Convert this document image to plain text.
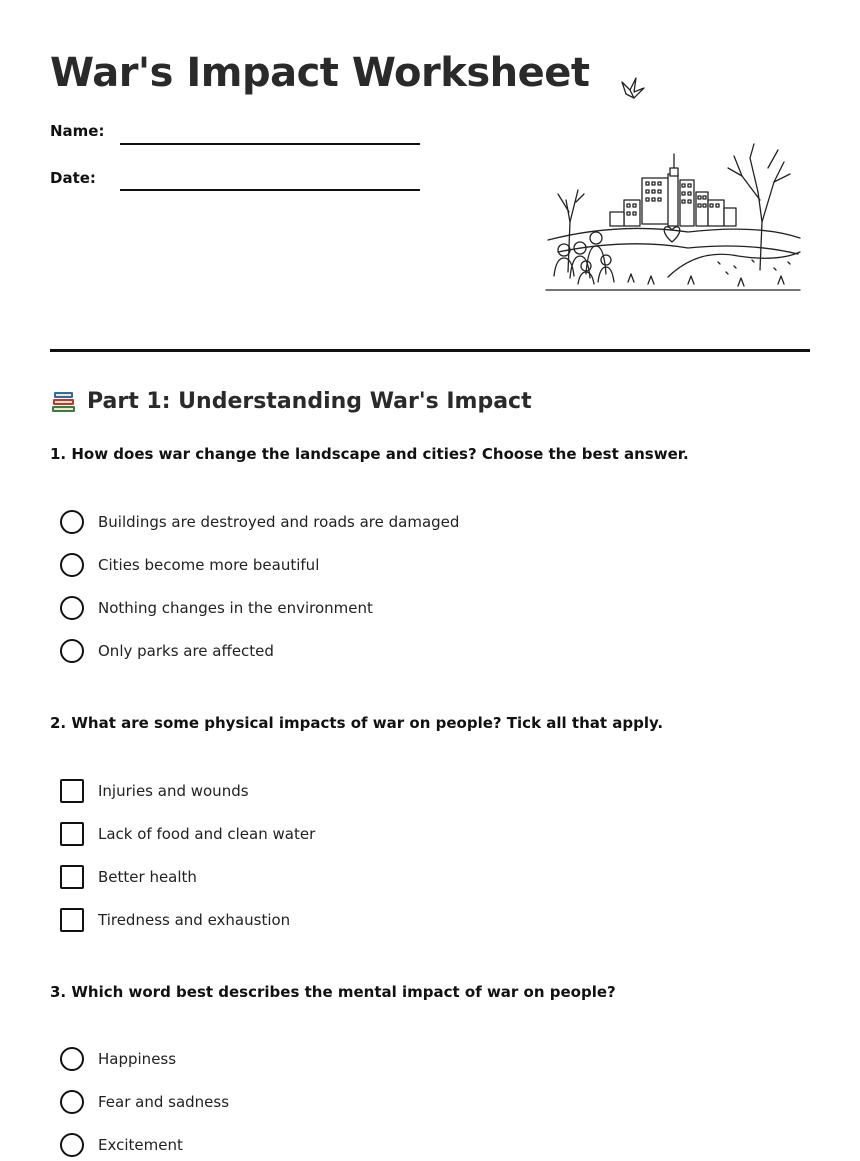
War's Impact Worksheet
Name:
Date:
Part 1: Understanding War's Impact
1. How does war change the landscape and cities? Choose the best answer.
Buildings are destroyed and roads are damaged
Cities become more beautiful
Nothing changes in the environment
Only parks are affected
2. What are some physical impacts of war on people? Tick all that apply.
Injuries and wounds
Lack of food and clean water
Better health
Tiredness and exhaustion
3. Which word best describes the mental impact of war on people?
Happiness
Fear and sadness
Excitement
